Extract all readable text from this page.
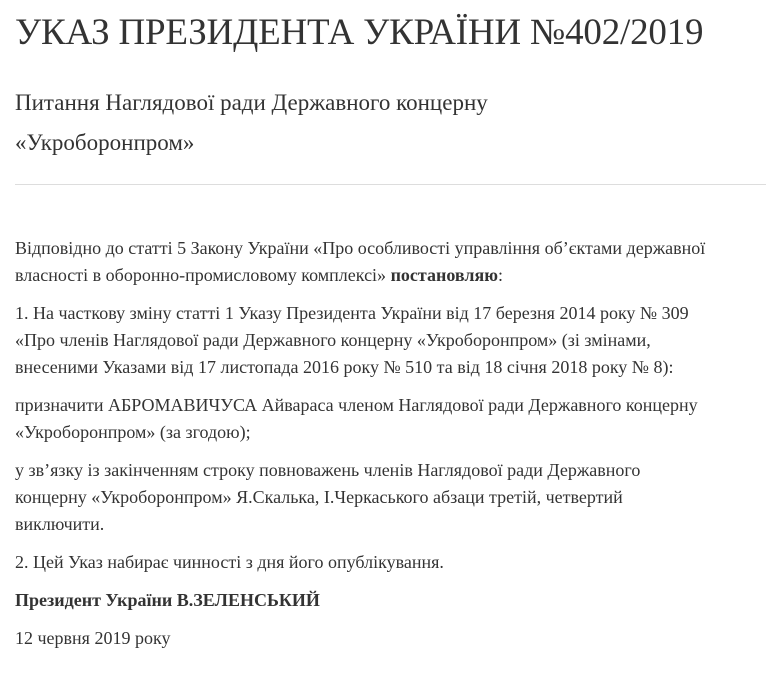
УКАЗ ПРЕЗИДЕНТА УКРАЇНИ №402/2019
Питання Наглядової ради Державного концерну «Укроборонпром»

Відповідно до статті 5 Закону України «Про особливості управління об’єктами державної власності в оборонно-промисловому комплексі» постановляю:

1. На часткову зміну статті 1 Указу Президента України від 17 березня 2014 року № 309 «Про членів Наглядової ради Державного концерну «Укроборонпром» (зі змінами, внесеними Указами від 17 листопада 2016 року № 510 та від 18 січня 2018 року № 8):

призначити АБРОМАВИЧУСА Айвараса членом Наглядової ради Державного концерну «Укроборонпром» (за згодою);

у зв’язку із закінченням строку повноважень членів Наглядової ради Державного концерну «Укроборонпром» Я.Скалька, І.Черкаського абзаци третій, четвертий виключити.

2. Цей Указ набирає чинності з дня його опублікування.

Президент України В.ЗЕЛЕНСЬКИЙ

12 червня 2019 року
